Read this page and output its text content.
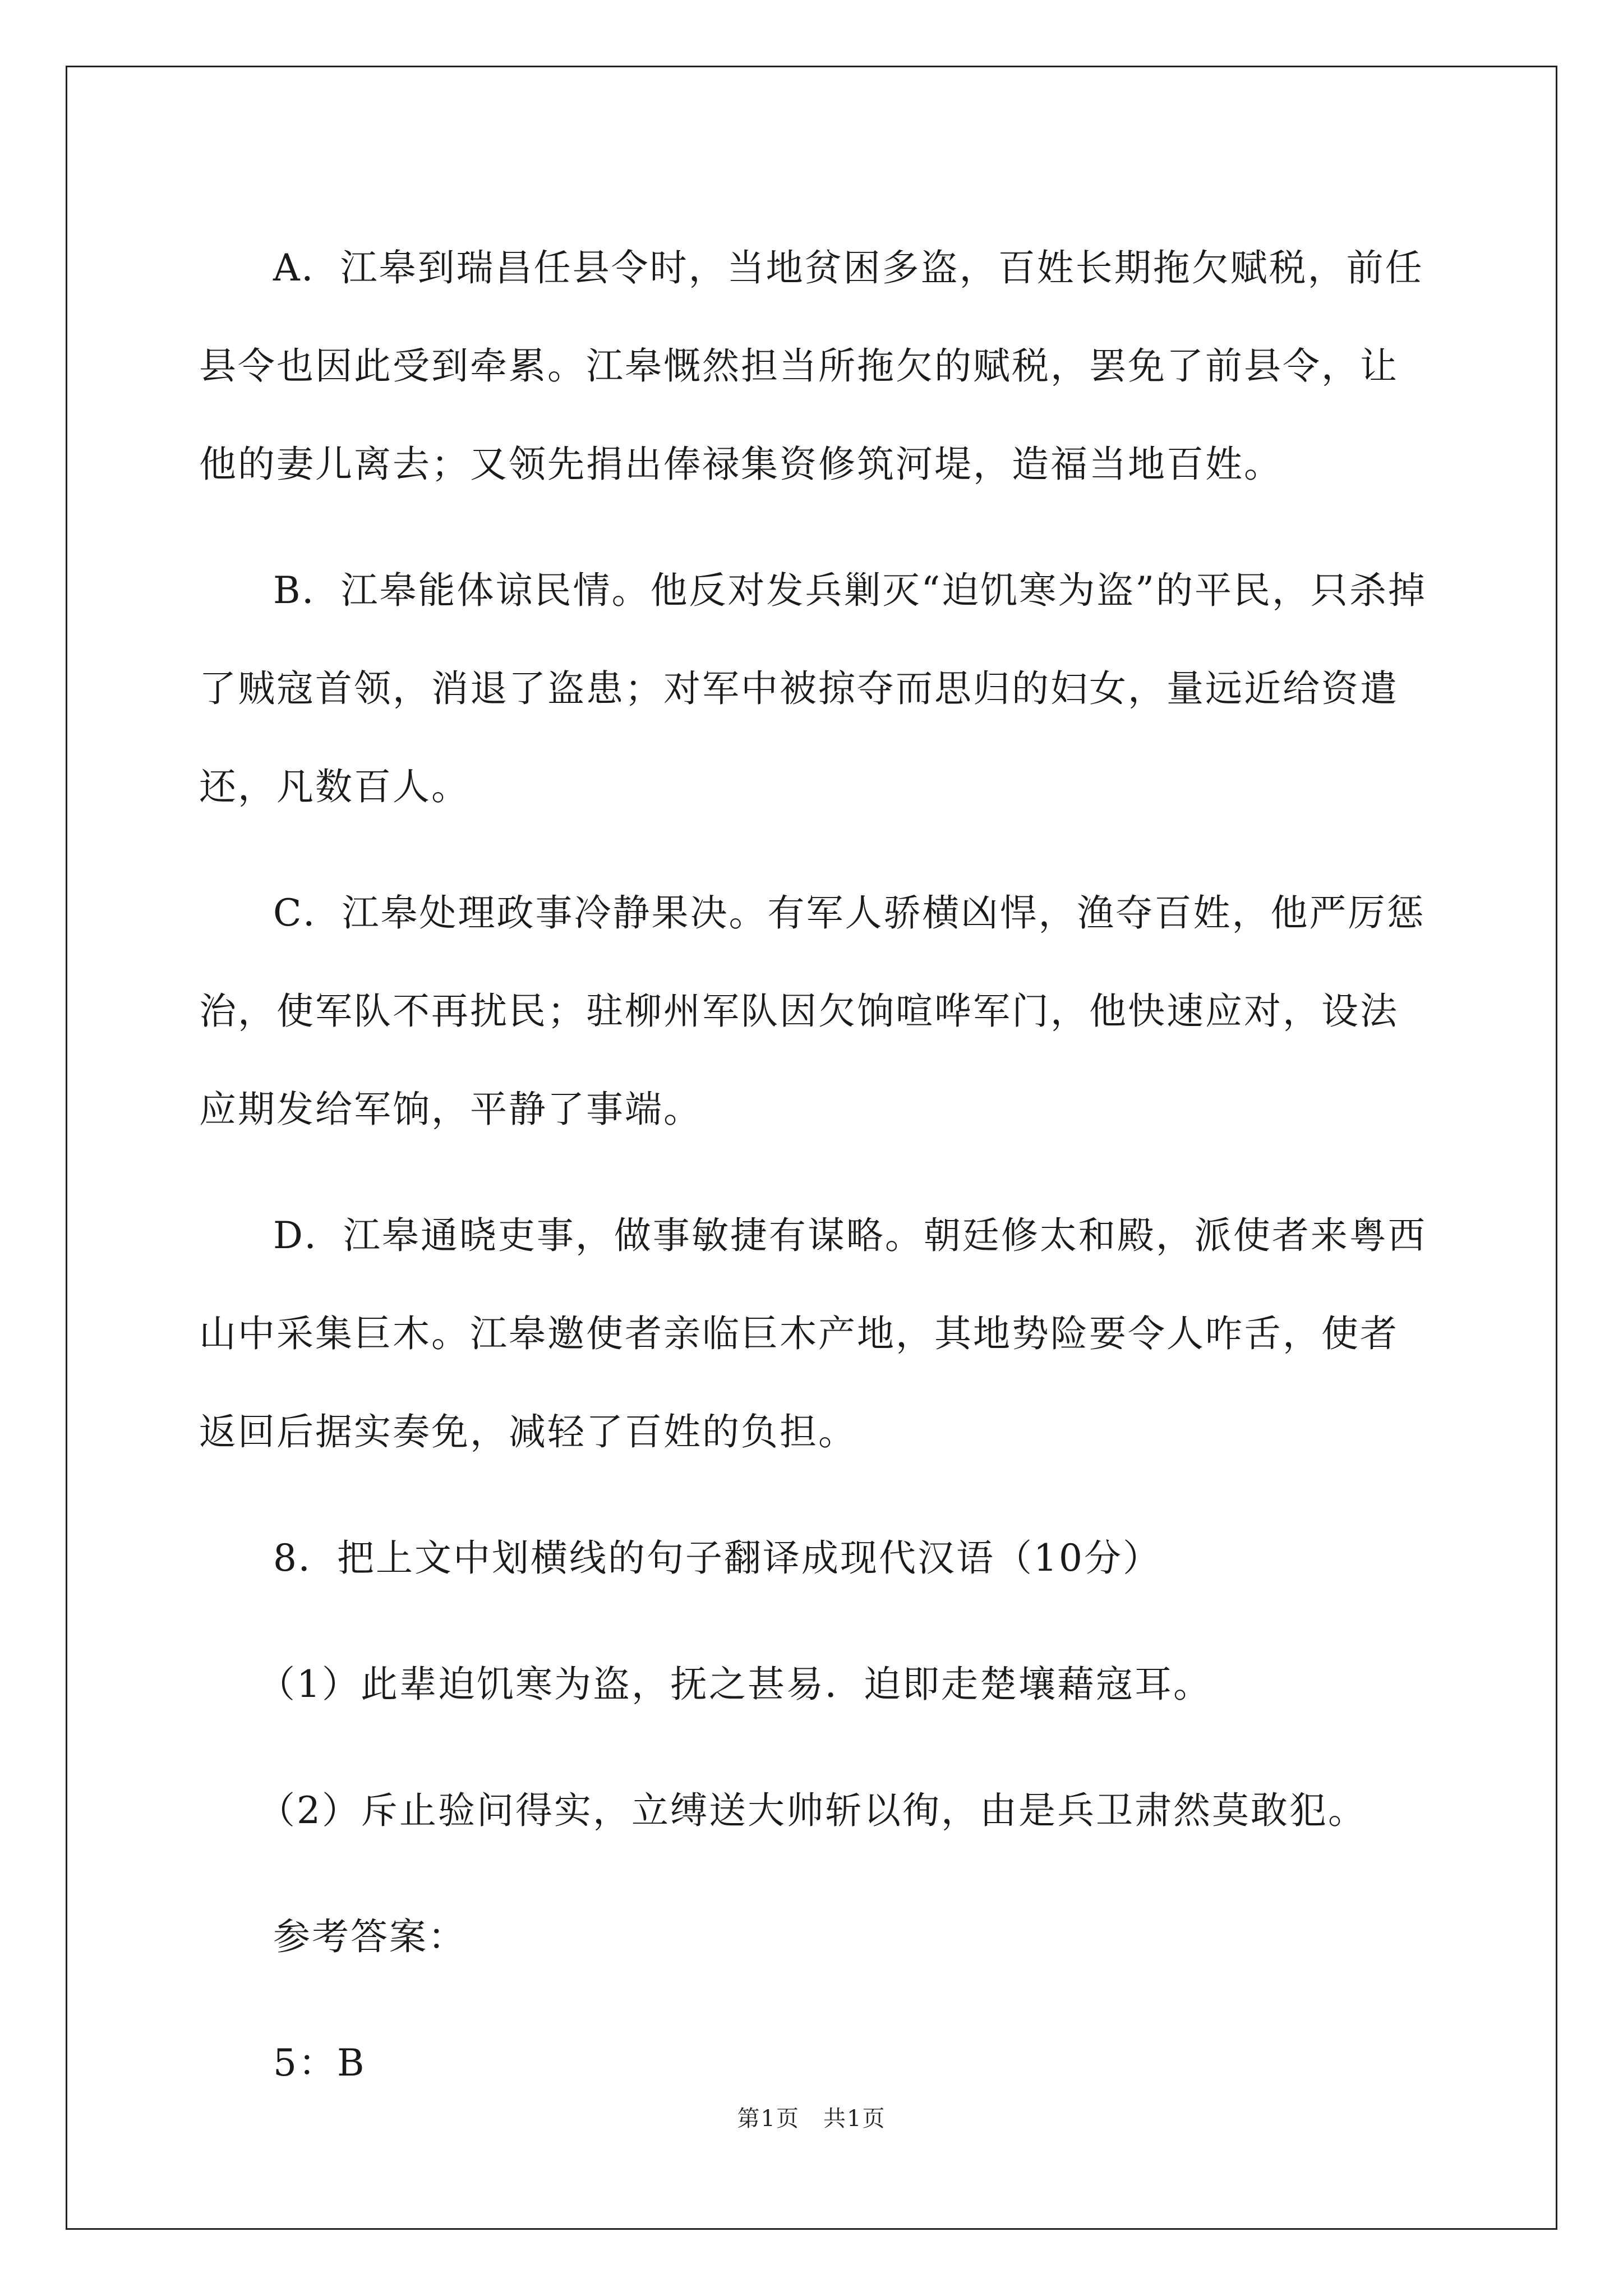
A．江皋到瑞昌任县令时，当地贫困多盗，百姓长期拖欠赋税，前任县令也因此受到牵累。江皋慨然担当所拖欠的赋税，罢免了前县令，让他的妻儿离去；又领先捐出俸禄集资修筑河堤，造福当地百姓。

B．江皋能体谅民情。他反对发兵剿灭“迫饥寒为盗”的平民，只杀掉了贼寇首领，消退了盗患；对军中被掠夺而思归的妇女，量远近给资遣还，凡数百人。

C．江皋处理政事冷静果决。有军人骄横凶悍，渔夺百姓，他严厉惩治，使军队不再扰民；驻柳州军队因欠饷喧哗军门，他快速应对，设法应期发给军饷，平静了事端。

D．江皋通晓吏事，做事敏捷有谋略。朝廷修太和殿，派使者来粤西山中采集巨木。江皋邀使者亲临巨木产地，其地势险要令人咋舌，使者返回后据实奏免，减轻了百姓的负担。

8．把上文中划横线的句子翻译成现代汉语（10分）

（1）此辈迫饥寒为盗，抚之甚易．迫即走楚壤藉寇耳。

（2）斥止验问得实，立缚送大帅斩以徇，由是兵卫肃然莫敢犯。

参考答案：

5：B

第1页　共1页
